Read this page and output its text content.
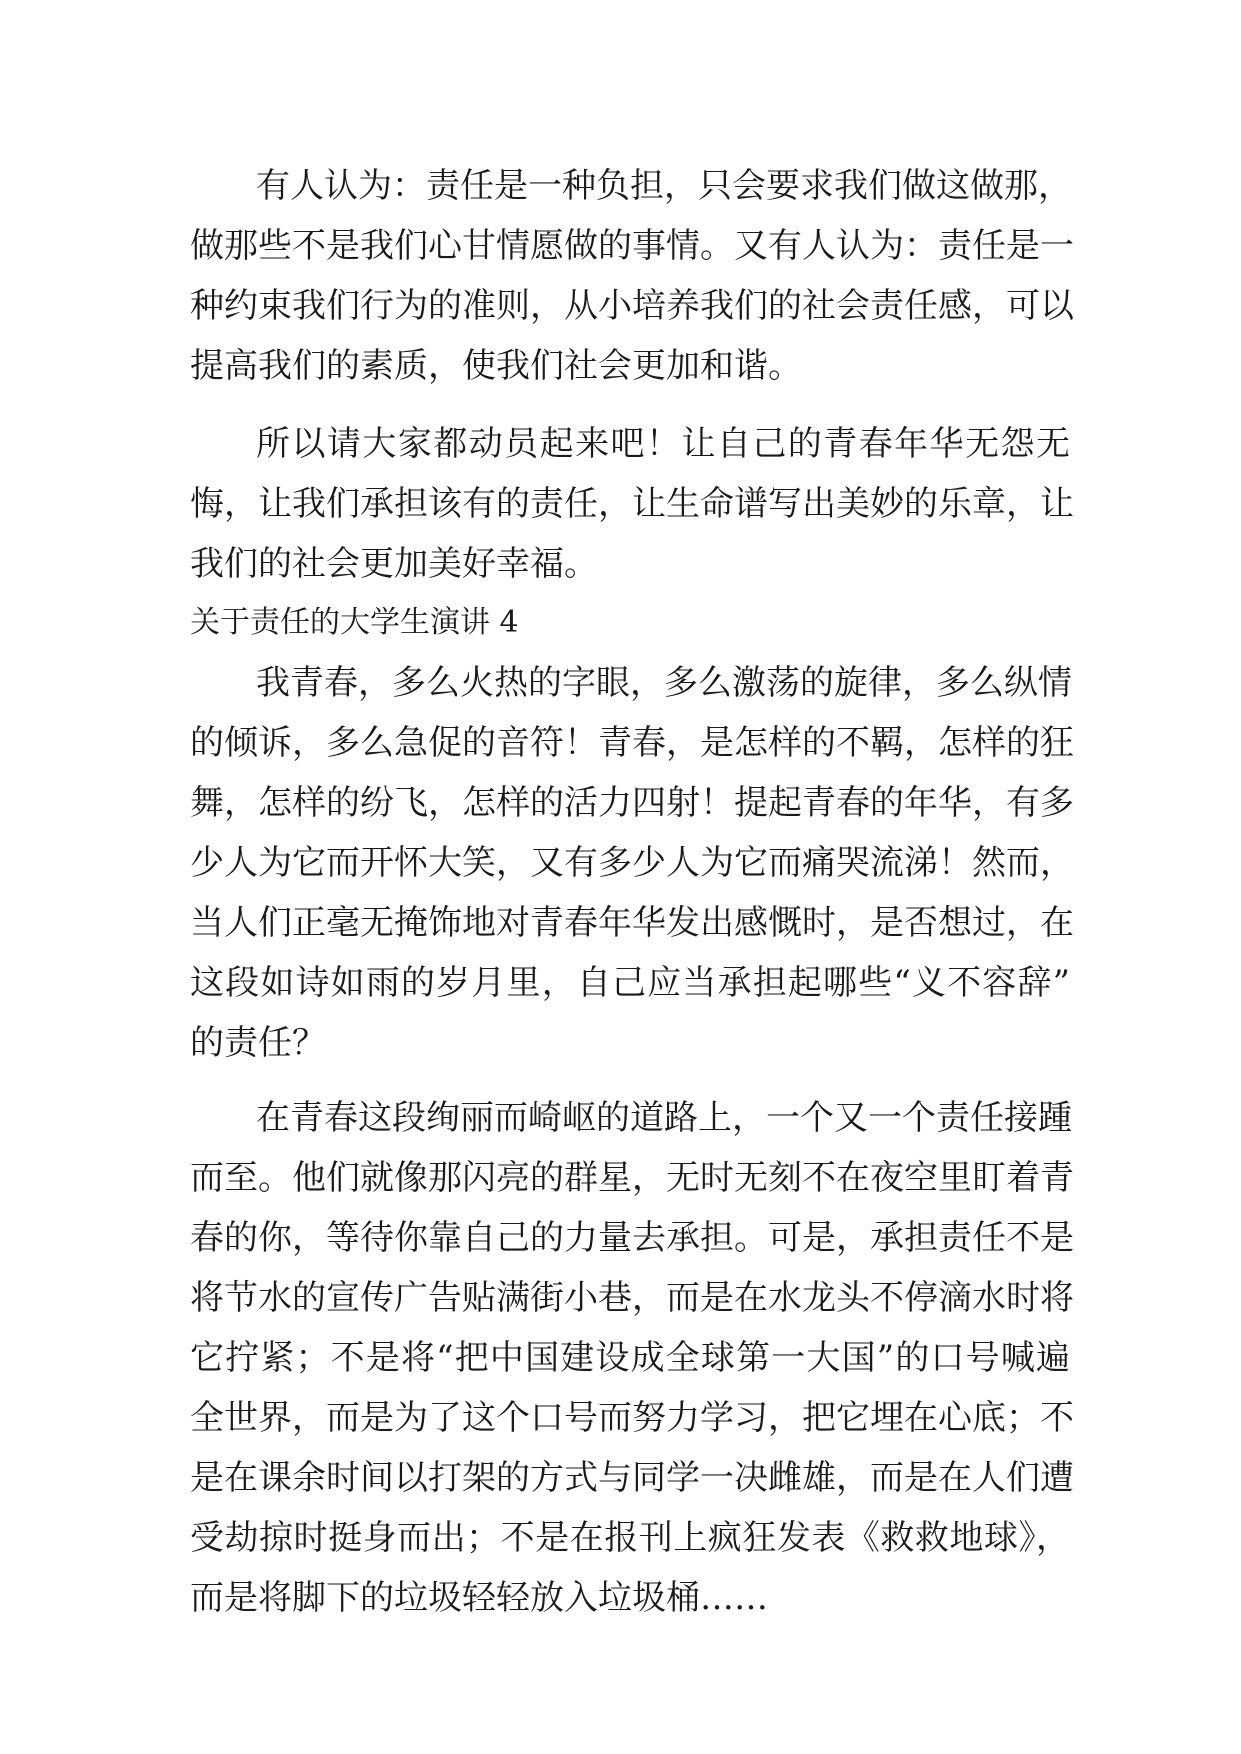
有人认为：责任是一种负担，只会要求我们做这做那，
做那些不是我们心甘情愿做的事情。又有人认为：责任是一
种约束我们行为的准则，从小培养我们的社会责任感，可以
提高我们的素质，使我们社会更加和谐。
所以请大家都动员起来吧！让自己的青春年华无怨无
悔，让我们承担该有的责任，让生命谱写出美妙的乐章，让
我们的社会更加美好幸福。
关于责任的大学生演讲 4
我青春，多么火热的字眼，多么激荡的旋律，多么纵情
的倾诉，多么急促的音符！青春，是怎样的不羁，怎样的狂
舞，怎样的纷飞，怎样的活力四射！提起青春的年华，有多
少人为它而开怀大笑，又有多少人为它而痛哭流涕！然而，
当人们正毫无掩饰地对青春年华发出感慨时，是否想过，在
这段如诗如雨的岁月里，自己应当承担起哪些“义不容辞”
的责任？
在青春这段绚丽而崎岖的道路上，一个又一个责任接踵
而至。他们就像那闪亮的群星，无时无刻不在夜空里盯着青
春的你，等待你靠自己的力量去承担。可是，承担责任不是
将节水的宣传广告贴满街小巷，而是在水龙头不停滴水时将
它拧紧；不是将“把中国建设成全球第一大国”的口号喊遍
全世界，而是为了这个口号而努力学习，把它埋在心底；不
是在课余时间以打架的方式与同学一决雌雄，而是在人们遭
受劫掠时挺身而出；不是在报刊上疯狂发表《救救地球》，
而是将脚下的垃圾轻轻放入垃圾桶……
